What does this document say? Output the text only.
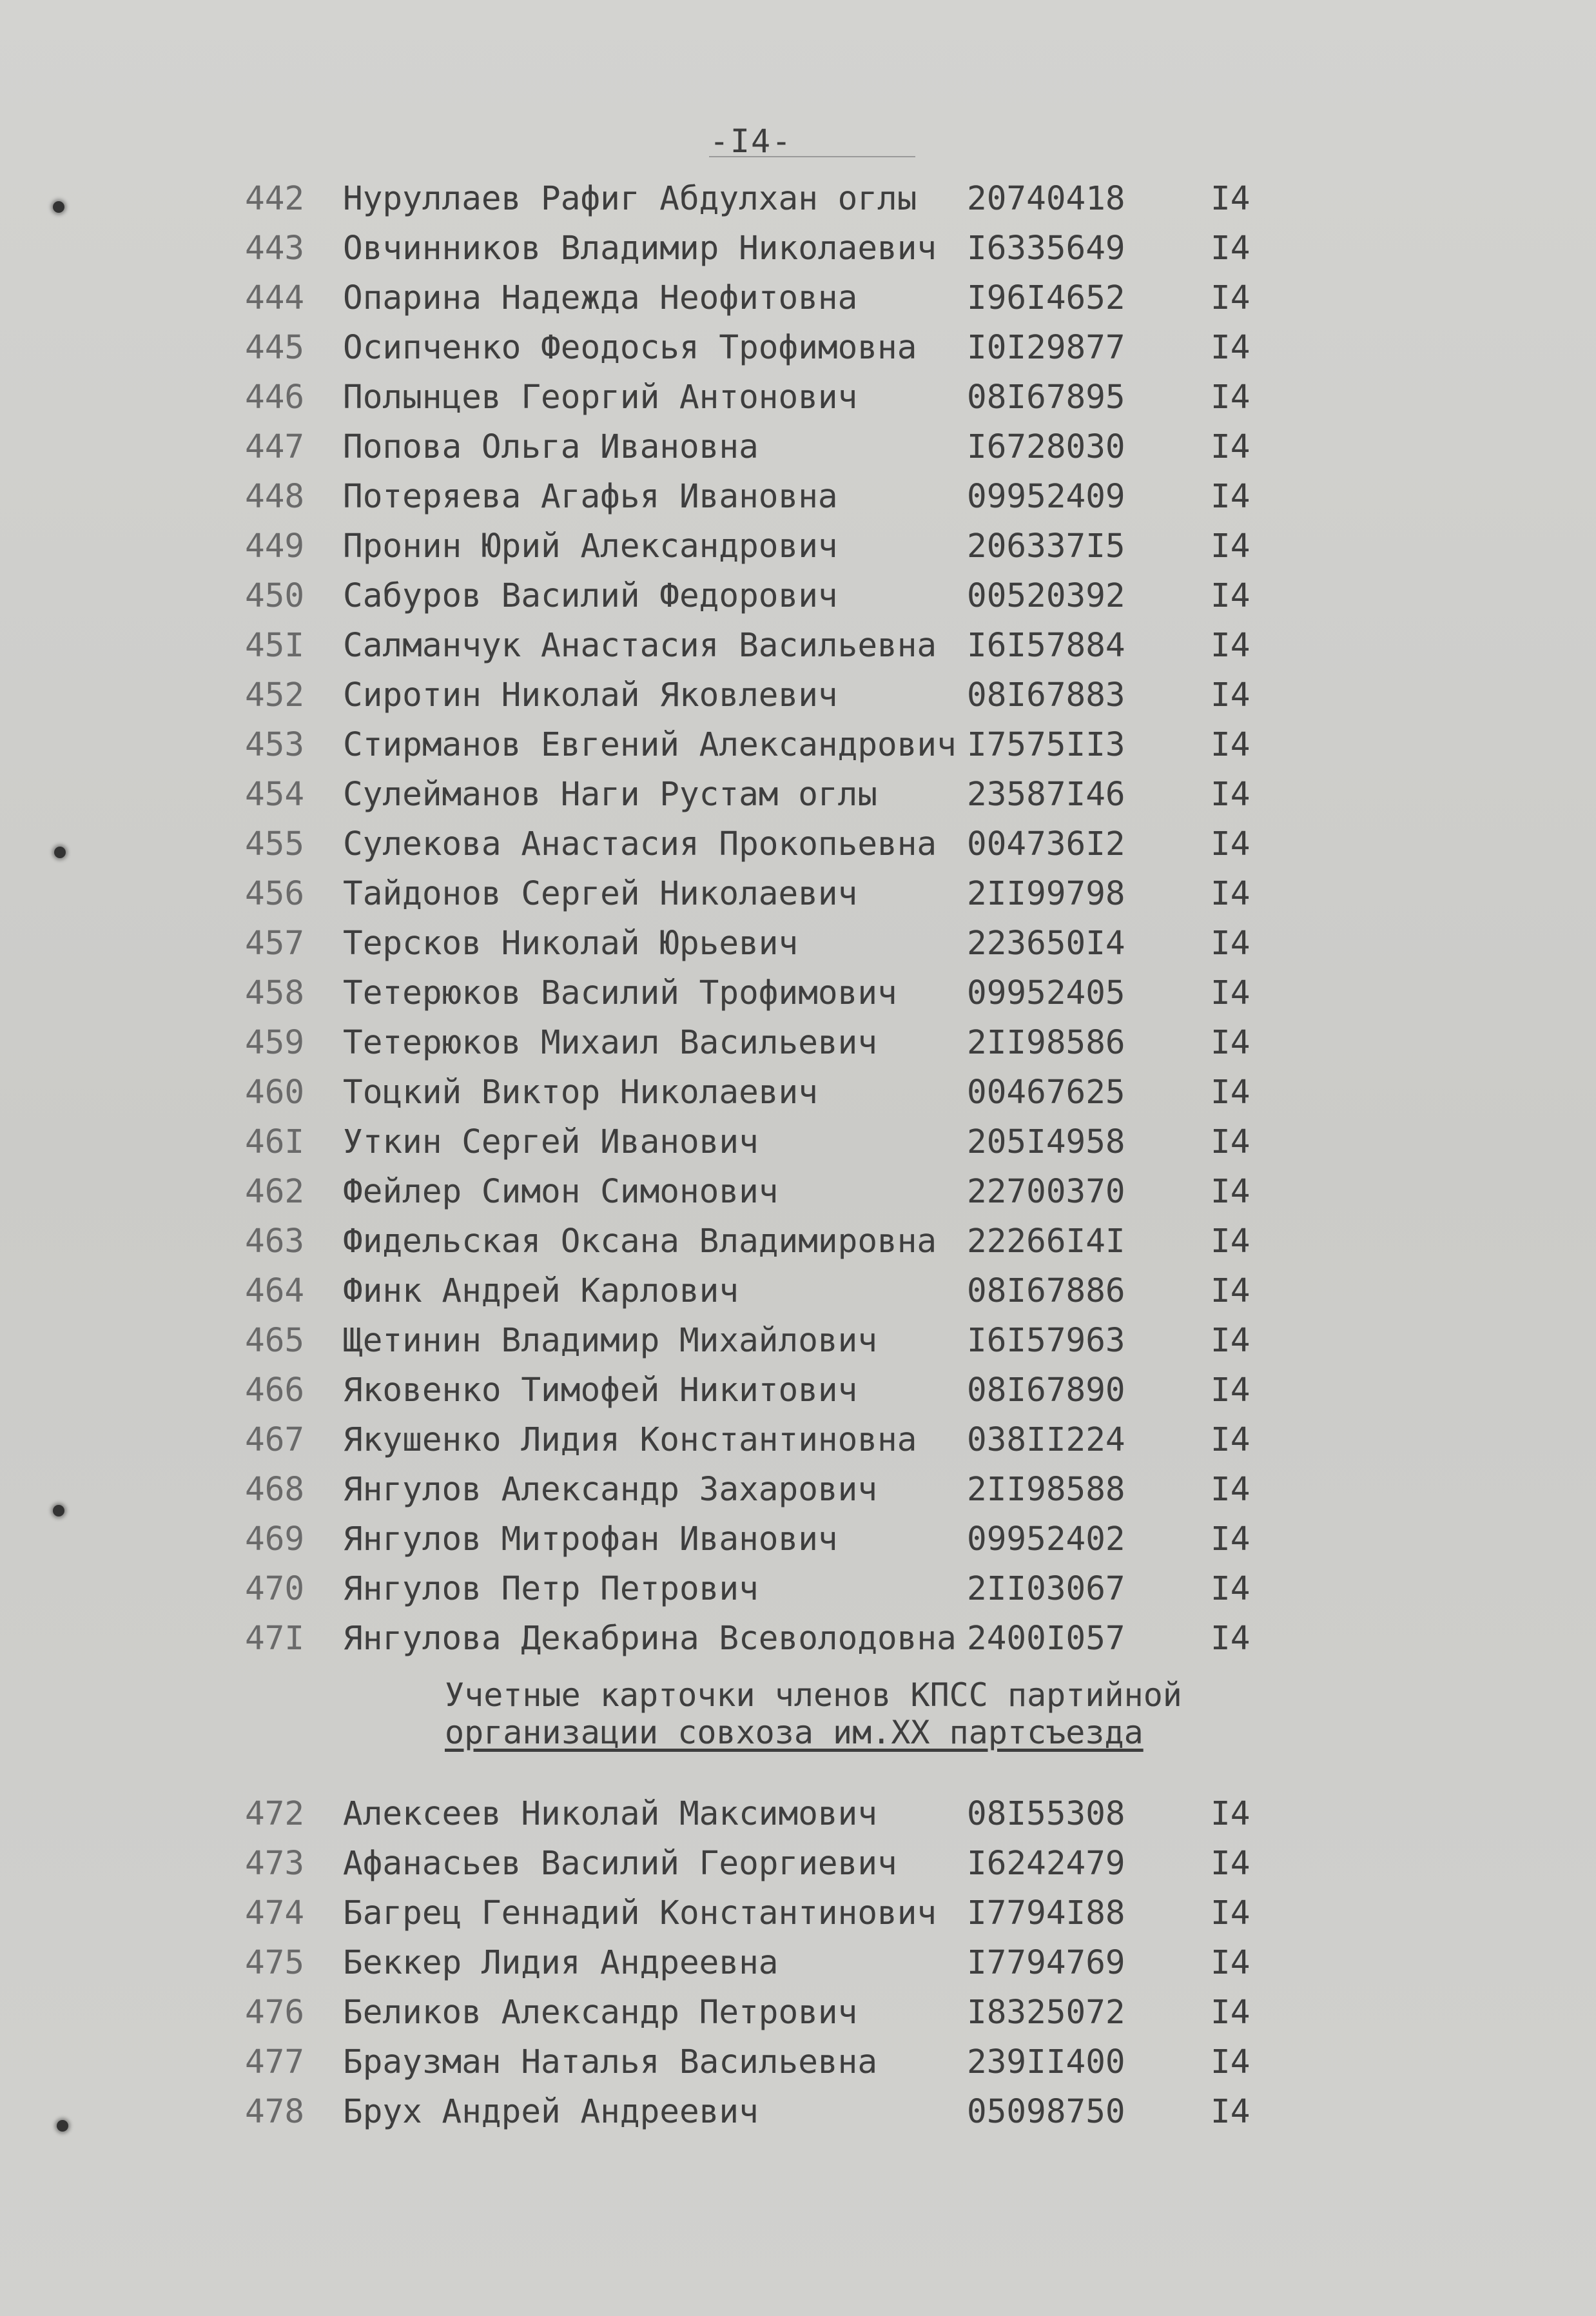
-I4-
442	Нуруллаев Рафиг Абдулхан оглы	20740418	I4
443	Овчинников Владимир Николаевич I6335649	I4
444	Опарина Надежда Неофитовна	I96I4652	I4
445	Осипченко Феодосья Трофимовна	I0I29877	I4
446	Полынцев Георгий Антонович	08I67895	I4
447	Попова Ольга Ивановна	I6728030	I4
448	Потеряева Агафья Ивановна	09952409	I4
449	Пронин Юрий Александрович	206337I5	I4
450	Сабуров Василий Федорович	00520392	I4
45I	Салманчук Анастасия Васильевна I6I57884	I4
452	Сиротин Николай Яковлевич	08I67883	I4
453	Стирманов Евгений Александрович I7575II3	I4
454	Сулейманов Наги Рустам оглы	23587I46	I4
455	Сулекова Анастасия Прокопьевна 004736I2	I4
456	Тайдонов Сергей Николаевич	2II99798	I4
457	Терсков Николай Юрьевич	223650I4	I4
458	Тетерюков Василий Трофимович	09952405	I4
459	Тетерюков Михаил Васильевич	2II98586	I4
460	Тоцкий Виктор Николаевич	00467625	I4
46I	Уткин Сергей Иванович	205I4958	I4
462	Фейлер Симон Симонович	22700370	I4
463	Фидельская Оксана Владимировна 22266I4I	I4
464	Финк Андрей Карлович	08I67886	I4
465	Щетинин Владимир Михайлович	I6I57963	I4
466	Яковенко Тимофей Никитович	08I67890	I4
467	Якушенко Лидия Константиновна	038II224	I4
468	Янгулов Александр Захарович	2II98588	I4
469	Янгулов Митрофан Иванович	09952402	I4
470	Янгулов Петр Петрович	2II03067	I4
47I	Янгулова Декабрина Всеволодовна 2400I057	I4
Учетные карточки членов КПСС партийной
организации совхоза им.XX партсъезда
472	Алексеев Николай Максимович	08I55308	I4
473	Афанасьев Василий Георгиевич	I6242479	I4
474	Багрец Геннадий Константинович I7794I88	I4
475	Беккер Лидия Андреевна	I7794769	I4
476	Беликов Александр Петрович	I8325072	I4
477	Браузман Наталья Васильевна	239II400	I4
478	Брух Андрей Андреевич	05098750	I4
